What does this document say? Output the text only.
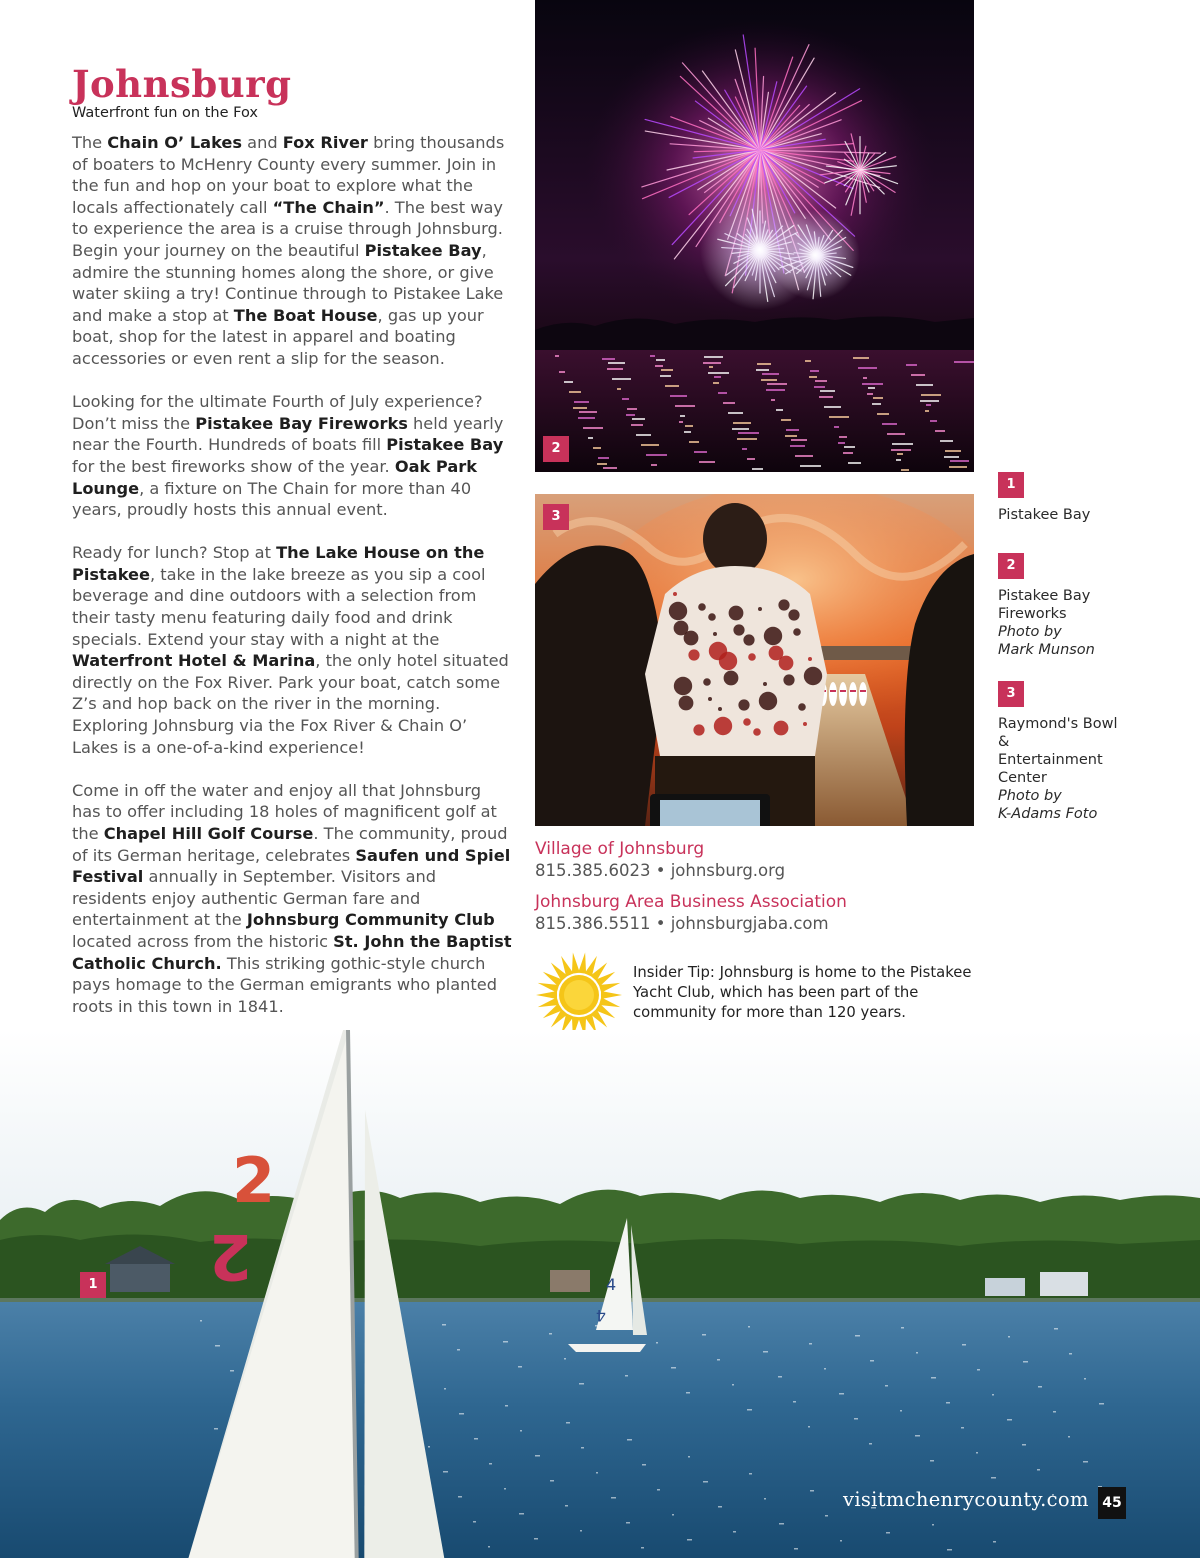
Johnsburg
Waterfront fun on the Fox

The Chain O’ Lakes and Fox River bring thousands of boaters to McHenry County every summer. Join in the fun and hop on your boat to explore what the locals affectionately call “The Chain”. The best way to experience the area is a cruise through Johnsburg. Begin your journey on the beautiful Pistakee Bay, admire the stunning homes along the shore, or give water skiing a try! Continue through to Pistakee Lake and make a stop at The Boat House, gas up your boat, shop for the latest in apparel and boating accessories or even rent a slip for the season.

Looking for the ultimate Fourth of July experience? Don’t miss the Pistakee Bay Fireworks held yearly near the Fourth. Hundreds of boats fill Pistakee Bay for the best fireworks show of the year. Oak Park Lounge, a fixture on The Chain for more than 40 years, proudly hosts this annual event.

Ready for lunch? Stop at The Lake House on the Pistakee, take in the lake breeze as you sip a cool beverage and dine outdoors with a selection from their tasty menu featuring daily food and drink specials. Extend your stay with a night at the Waterfront Hotel & Marina, the only hotel situated directly on the Fox River. Park your boat, catch some Z’s and hop back on the river in the morning. Exploring Johnsburg via the Fox River & Chain O’ Lakes is a one-of-a-kind experience!

Come in off the water and enjoy all that Johnsburg has to offer including 18 holes of magnificent golf at the Chapel Hill Golf Course. The community, proud of its German heritage, celebrates Saufen und Spiel Festival annually in September. Visitors and residents enjoy authentic German fare and entertainment at the Johnsburg Community Club located across from the historic St. John the Baptist Catholic Church. This striking gothic-style church pays homage to the German emigrants who planted roots in this town in 1841.

2
3
1
Pistakee Bay
2
Pistakee Bay Fireworks
Photo by
Mark Munson
3
Raymond's Bowl & Entertainment Center
Photo by
K-Adams Foto
Village of Johnsburg
815.385.6023 • johnsburg.org
Johnsburg Area Business Association
815.386.5511 • johnsburgjaba.com
Insider Tip: Johnsburg is home to the Pistakee Yacht Club, which has been part of the community for more than 120 years.
4
4
2
2
1
visitmchenrycounty.com 45
